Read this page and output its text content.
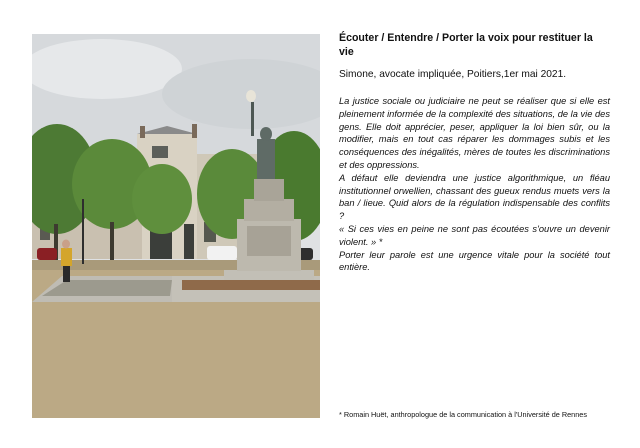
Écouter / Entendre / Porter la voix pour restituer la vie

Simone, avocate impliquée, Poitiers,1er mai 2021.

La justice sociale ou judiciaire ne peut se réaliser que si elle est pleinement informée de la complexité des situations, de la vie des gens. Elle doit apprécier, peser, appliquer la loi bien sûr, ou la modifier, mais en tout cas réparer les dommages subis et les conséquences des inégalités, mères de toutes les discriminations et des oppressions.

A défaut elle deviendra une justice algorithmique, un fléau institutionnel orwellien, chassant des gueux rendus muets vers la ban / lieue. Quid alors de la régulation indispensable des conflits ?

« Si ces vies en peine ne sont pas écoutées s'ouvre un devenir violent. » *

Porter leur parole est une urgence vitale pour la société tout entière.

* Romain Huët, anthropologue de la communication à l'Université de Rennes
